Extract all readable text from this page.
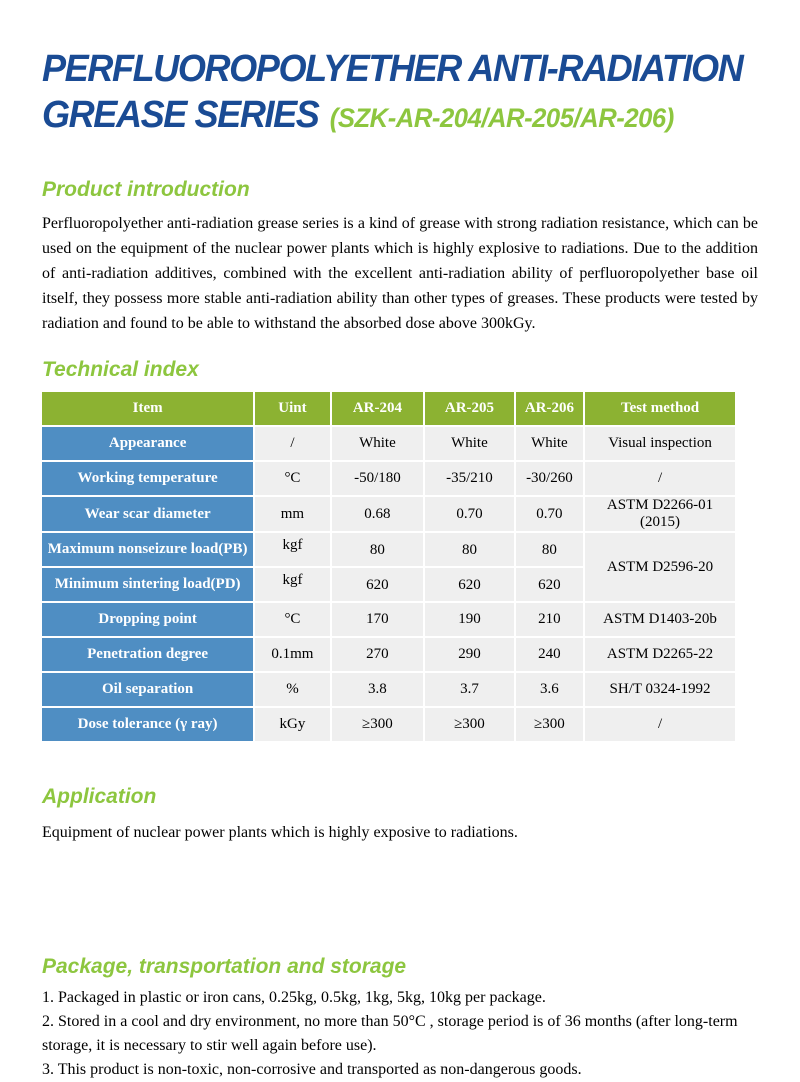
PERFLUOROPOLYETHER ANTI-RADIATION
GREASE SERIES (SZK-AR-204/AR-205/AR-206)
Product introduction

Perfluoropolyether anti-radiation grease series is a kind of grease with strong radiation resistance, which can be used on the equipment of the nuclear power plants which is highly explosive to radiations. Due to the addition of anti-radiation additives, combined with the excellent anti-radiation ability of perfluoropolyether base oil itself, they possess more stable anti-radiation ability than other types of greases. These products were tested by radiation and found to be able to withstand the absorbed dose above 300kGy.

Technical index
Item	Uint	AR-204	AR-205	AR-206	Test method
Appearance	/	White	White	White	Visual inspection
Working temperature	°C	-50/180	-35/210	-30/260	/
Wear scar diameter	mm	0.68	0.70	0.70	ASTM D2266-01 (2015)
Maximum nonseizure load(PB)	kgf	80	80	80	ASTM D2596-20
Minimum sintering load(PD)	kgf	620	620	620	
Dropping point	°C	170	190	210	ASTM D1403-20b
Penetration degree	0.1mm	270	290	240	ASTM D2265-22
Oil separation	%	3.8	3.7	3.6	SH/T 0324-1992
Dose tolerance (γ ray)	kGy	≥300	≥300	≥300	/
Application

Equipment of nuclear power plants which is highly exposive to radiations.

Package, transportation and storage

1. Packaged in plastic or iron cans, 0.25kg, 0.5kg, 1kg, 5kg, 10kg per package.

2. Stored in a cool and dry environment, no more than 50°C , storage period is of 36 months (after long-term storage, it is necessary to stir well again before use).

3. This product is non-toxic, non-corrosive and transported as non-dangerous goods.
